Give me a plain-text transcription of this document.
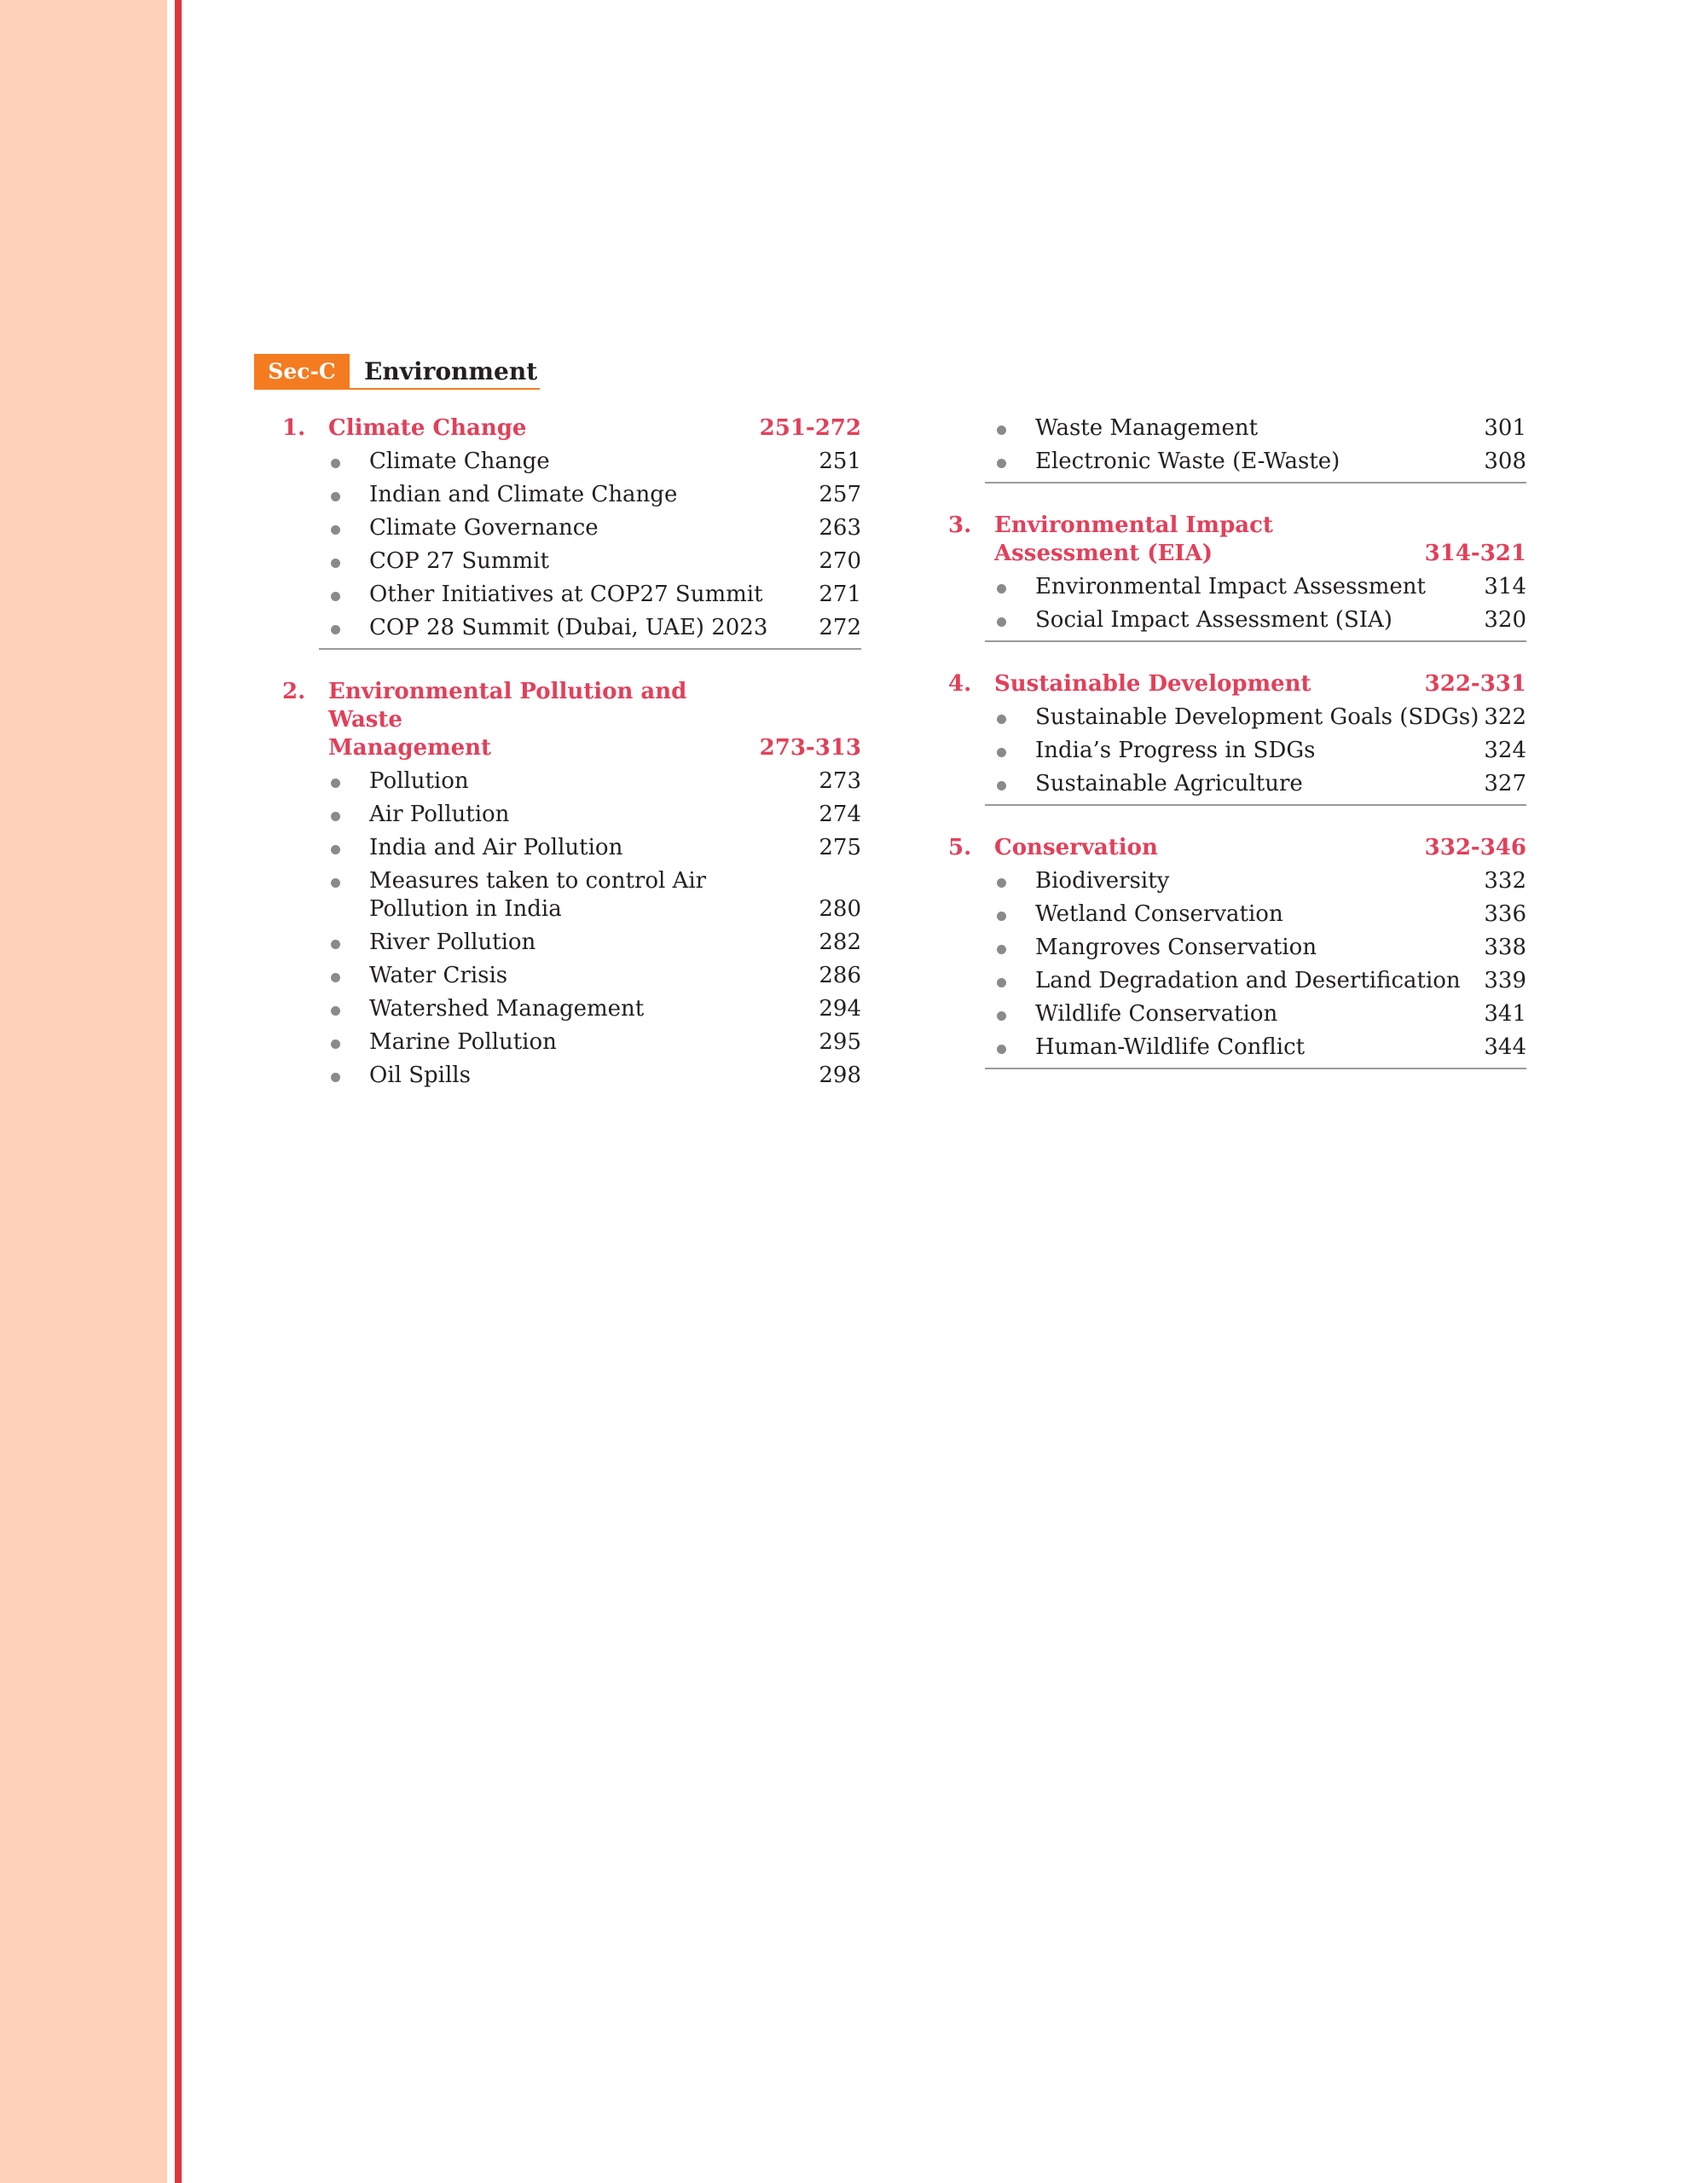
Sec-C	Environment
1.	Climate Change	251-272
Climate Change	251
Indian and Climate Change	257
Climate Governance	263
COP 27 Summit	270
Other Initiatives at COP27 Summit	271
COP 28 Summit (Dubai, UAE) 2023	272
2.	Environmental Pollution and Waste
Management	273-313
Pollution	273
Air Pollution	274
India and Air Pollution	275
Measures taken to control Air
Pollution in India	280
River Pollution	282
Water Crisis	286
Watershed Management	294
Marine Pollution	295
Oil Spills	298
Waste Management	301
Electronic Waste (E-Waste)	308
3.	Environmental Impact
Assessment (EIA)	314-321
Environmental Impact Assessment	314
Social Impact Assessment (SIA)	320
4.	Sustainable Development	322-331
Sustainable Development Goals (SDGs) 322
India’s Progress in SDGs	324
Sustainable Agriculture	327
5.	Conservation	332-346
Biodiversity	332
Wetland Conservation	336
Mangroves Conservation	338
Land Degradation and Desertification	339
Wildlife Conservation	341
Human-Wildlife Conflict	344
